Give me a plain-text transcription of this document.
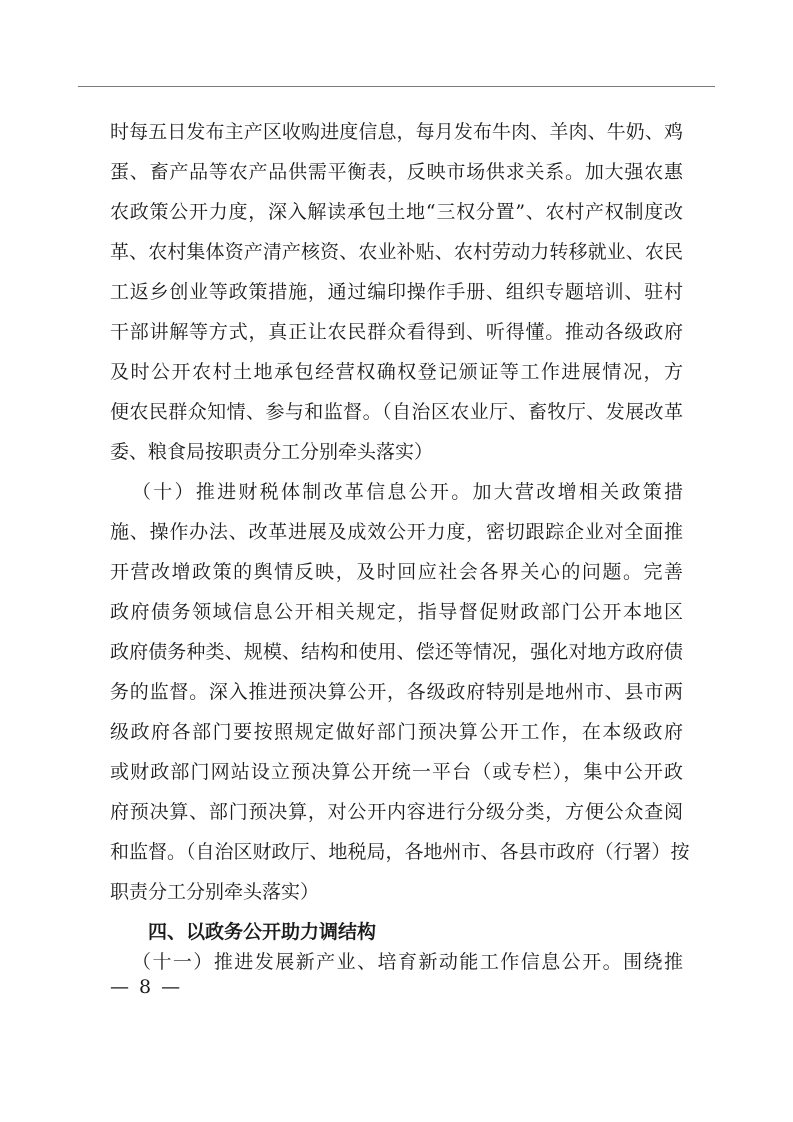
时每五日发布主产区收购进度信息，每月发布牛肉、羊肉、牛奶、鸡
蛋、畜产品等农产品供需平衡表，反映市场供求关系。加大强农惠
农政策公开力度，深入解读承包土地“三权分置”、农村产权制度改
革、农村集体资产清产核资、农业补贴、农村劳动力转移就业、农民
工返乡创业等政策措施，通过编印操作手册、组织专题培训、驻村
干部讲解等方式，真正让农民群众看得到、听得懂。推动各级政府
及时公开农村土地承包经营权确权登记颁证等工作进展情况，方
便农民群众知情、参与和监督。（自治区农业厅、畜牧厅、发展改革
委、粮食局按职责分工分别牵头落实）
（十）推进财税体制改革信息公开。加大营改增相关政策措
施、操作办法、改革进展及成效公开力度，密切跟踪企业对全面推
开营改增政策的舆情反映，及时回应社会各界关心的问题。完善
政府债务领域信息公开相关规定，指导督促财政部门公开本地区
政府债务种类、规模、结构和使用、偿还等情况，强化对地方政府债
务的监督。深入推进预决算公开，各级政府特别是地州市、县市两
级政府各部门要按照规定做好部门预决算公开工作，在本级政府
或财政部门网站设立预决算公开统一平台（或专栏），集中公开政
府预决算、部门预决算，对公开内容进行分级分类，方便公众查阅
和监督。（自治区财政厅、地税局，各地州市、各县市政府（行署）按
职责分工分别牵头落实）
四、以政务公开助力调结构
（十一）推进发展新产业、培育新动能工作信息公开。围绕推
— 8 —
